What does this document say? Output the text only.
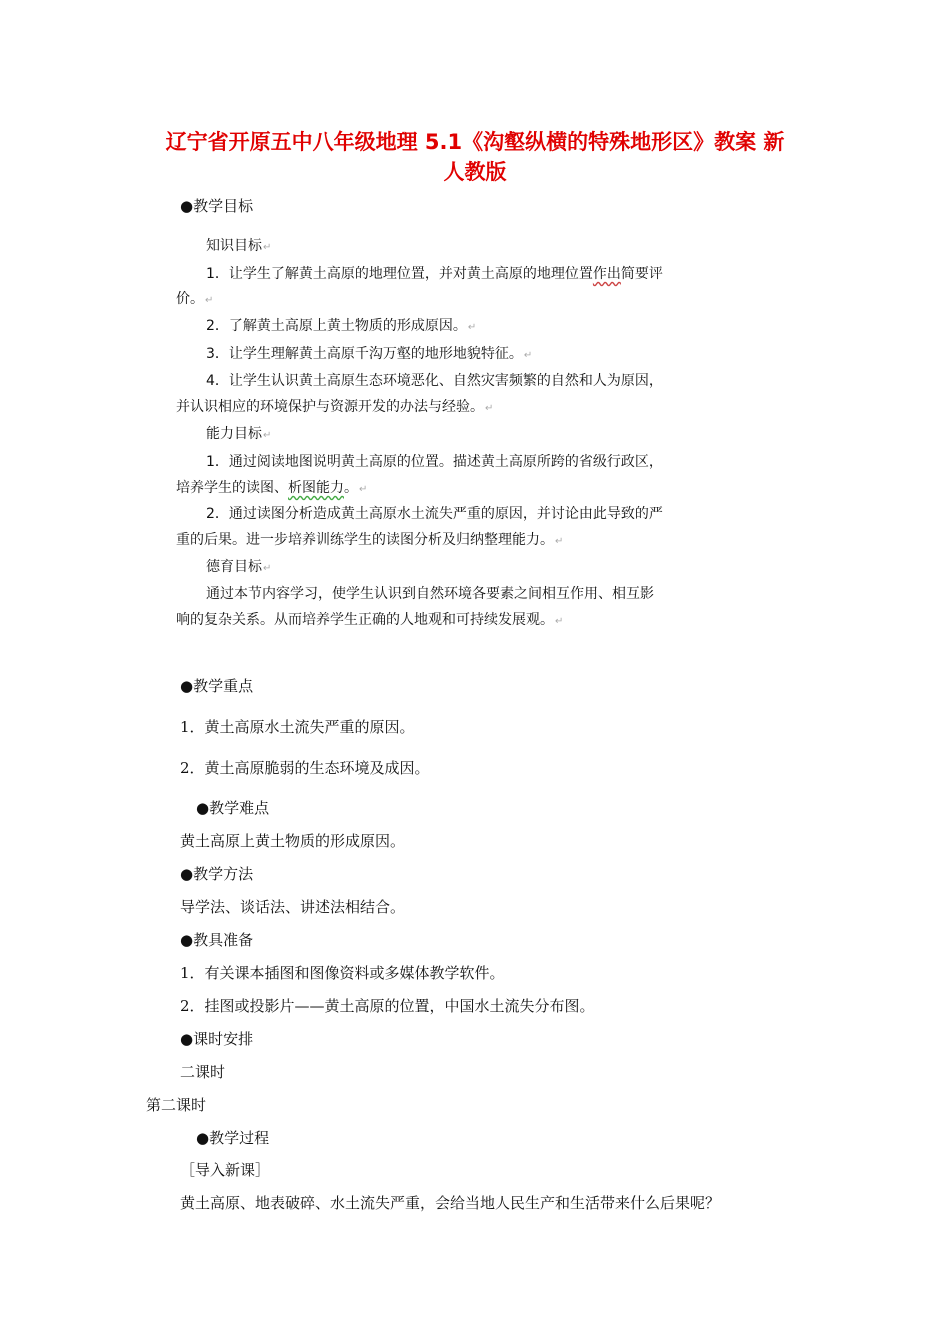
辽宁省开原五中八年级地理 5.1《沟壑纵横的特殊地形区》教案 新
人教版
●教学目标
知识目标↵
1．让学生了解黄土高原的地理位置，并对黄土高原的地理位置作出简要评
价。↵
2．了解黄土高原上黄土物质的形成原因。↵
3．让学生理解黄土高原千沟万壑的地形地貌特征。↵
4．让学生认识黄土高原生态环境恶化、自然灾害频繁的自然和人为原因，
并认识相应的环境保护与资源开发的办法与经验。↵
能力目标↵
1．通过阅读地图说明黄土高原的位置。描述黄土高原所跨的省级行政区，
培养学生的读图、析图能力。↵
2．通过读图分析造成黄土高原水土流失严重的原因，并讨论由此导致的严
重的后果。进一步培养训练学生的读图分析及归纳整理能力。↵
德育目标↵
通过本节内容学习，使学生认识到自然环境各要素之间相互作用、相互影
响的复杂关系。从而培养学生正确的人地观和可持续发展观。↵
●教学重点
1．黄土高原水土流失严重的原因。
2．黄土高原脆弱的生态环境及成因。
●教学难点
黄土高原上黄土物质的形成原因。
●教学方法
导学法、谈话法、讲述法相结合。
●教具准备
1．有关课本插图和图像资料或多媒体教学软件。
2．挂图或投影片——黄土高原的位置，中国水土流失分布图。
●课时安排
二课时
第二课时
●教学过程
［导入新课］
黄土高原、地表破碎、水土流失严重，会给当地人民生产和生活带来什么后果呢？
